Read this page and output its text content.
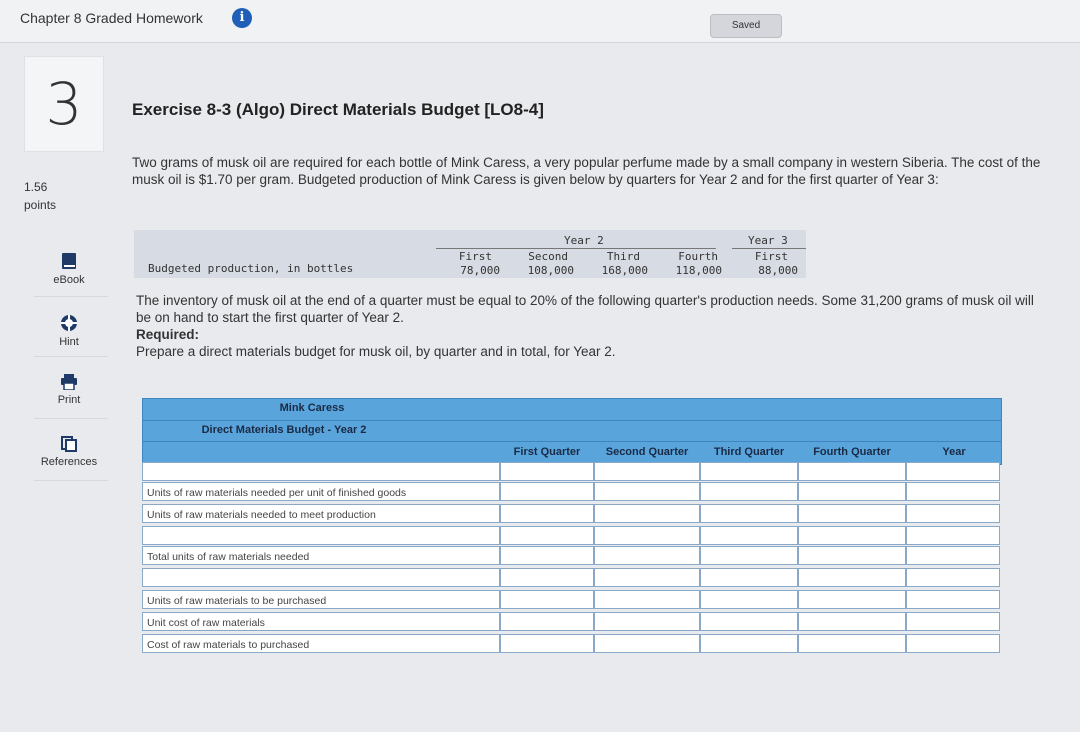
Chapter 8 Graded Homework	i
Saved
3
1.56
points
eBook
Hint
Print
References
Exercise 8-3 (Algo) Direct Materials Budget [LO8-4]
Two grams of musk oil are required for each bottle of Mink Caress, a very popular perfume made by a small company in western Siberia. The cost of the musk oil is $1.70 per gram. Budgeted production of Mink Caress is given below by quarters for Year 2 and for the first quarter of Year 3:
Budgeted production, in bottles
Year 2	Year 3
First	Second	Third	Fourth	First
78,000	108,000	168,000	118,000	88,000
The inventory of musk oil at the end of a quarter must be equal to 20% of the following quarter's production needs. Some 31,200 grams of musk oil will be on hand to start the first quarter of Year 2.
Required:
Prepare a direct materials budget for musk oil, by quarter and in total, for Year 2.
Mink Caress
Direct Materials Budget - Year 2
First Quarter	Second Quarter	Third Quarter	Fourth Quarter	Year
Units of raw materials needed per unit of finished goods
Units of raw materials needed to meet production
Total units of raw materials needed
Units of raw materials to be purchased
Unit cost of raw materials
Cost of raw materials to purchased
